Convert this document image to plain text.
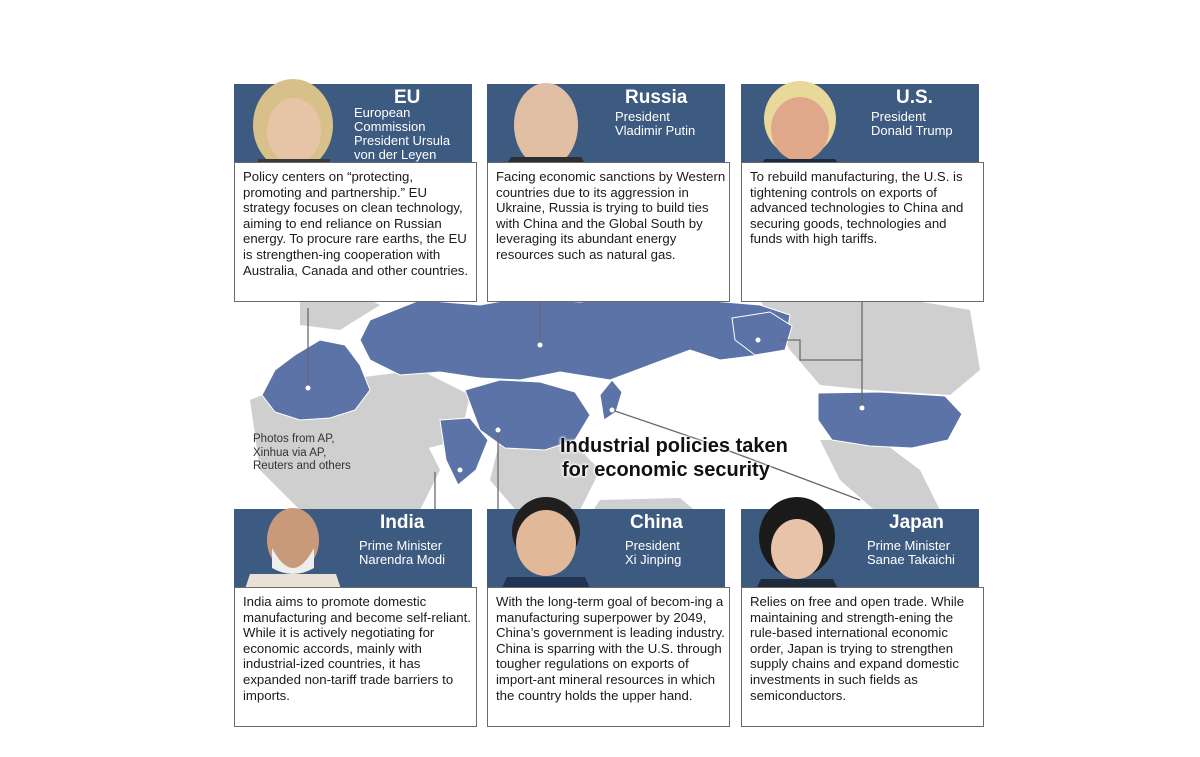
Photos from AP,
Xinhua via AP,
Reuters and others
Industrial policies taken
for economic security
EU
European
Commission
President Ursula
von der Leyen
Policy centers on “protecting, promoting and partnership.” EU strategy focuses on clean technology, aiming to end reliance on Russian energy. To procure rare earths, the EU is strengthen-ing cooperation with Australia, Canada and other countries.
Russia
President
Vladimir Putin
Facing economic sanctions by Western countries due to its aggression in Ukraine, Russia is trying to build ties with China and the Global South by leveraging its abundant energy resources such as natural gas.
U.S.
President
Donald Trump
To rebuild manufacturing, the U.S. is tightening controls on exports of advanced technologies to China and securing goods, technologies and funds with high tariffs.
India
Prime Minister
Narendra Modi
India aims to promote domestic manufacturing and become self-reliant. While it is actively negotiating for economic accords, mainly with industrial-ized countries, it has expanded non-tariff trade barriers to imports.
China
President
Xi Jinping
With the long-term goal of becom-ing a manufacturing superpower by 2049, China’s government is leading industry. China is sparring with the U.S. through tougher regulations on exports of import-ant mineral resources in which the country holds the upper hand.
Japan
Prime Minister
Sanae Takaichi
Relies on free and open trade. While maintaining and strength-ening the rule-based international economic order, Japan is trying to strengthen supply chains and expand domestic investments in such fields as semiconductors.
